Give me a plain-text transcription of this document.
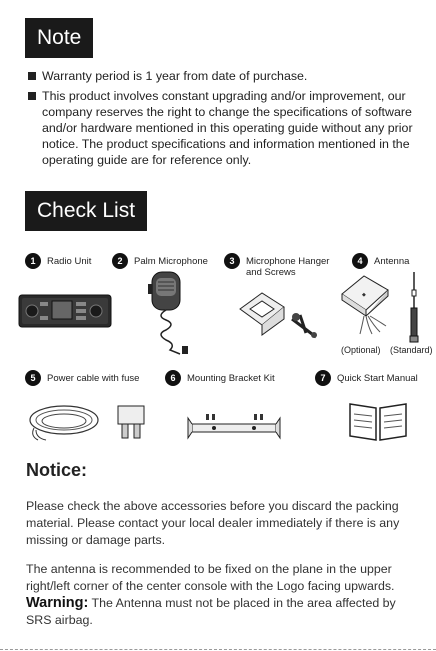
Note
Warranty period is 1 year from date of purchase.
This product involves constant upgrading and/or improvement, our company reserves the right to change the specifications of software and/or hardware mentioned in this operating guide without any prior notice. The product specifications and information mentioned in the operating guide are for reference only.
Check List
1	Radio Unit	2	Palm Microphone	3	Microphone Hanger and Screws
4	Antenna
◆
(Optional) (Standard)
5	Power cable with fuse	6	Mounting Bracket Kit	7	Quick Start Manual
Notice:
Please check the above accessories before you discard the packing material. Please contact your local dealer immediately if there is any missing or damage parts.
The antenna is recommended to be fixed on the plane in the upper right/left corner of the center console with the Logo facing upwards. Warning: The Antenna must not be placed in the area affected by SRS airbag.
